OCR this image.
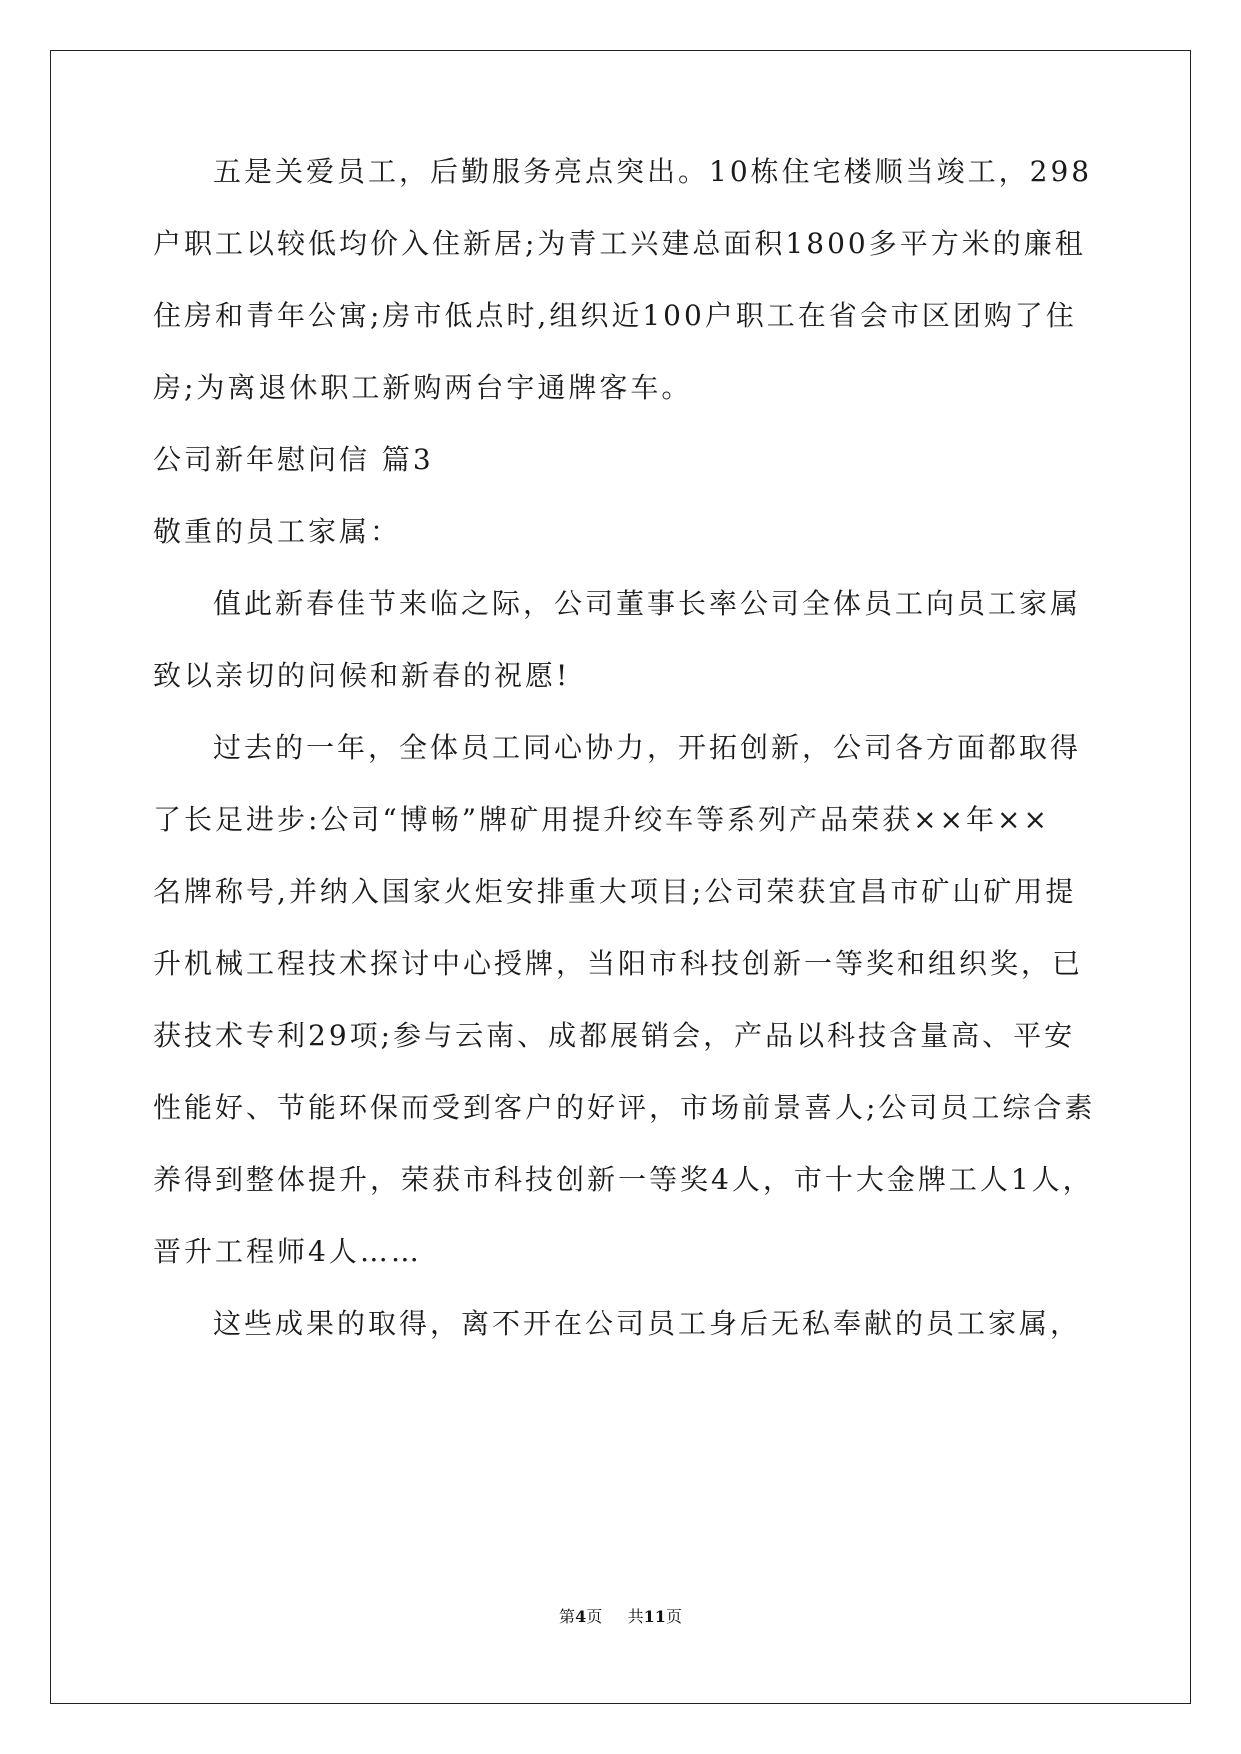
五是关爱员工，后勤服务亮点突出。10栋住宅楼顺当竣工，298
户职工以较低均价入住新居;为青工兴建总面积1800多平方米的廉租
住房和青年公寓;房市低点时,组织近100户职工在省会市区团购了住
房;为离退休职工新购两台宇通牌客车。
公司新年慰问信 篇3
敬重的员工家属：
值此新春佳节来临之际，公司董事长率公司全体员工向员工家属
致以亲切的问候和新春的祝愿!
过去的一年，全体员工同心协力，开拓创新，公司各方面都取得
了长足进步:公司“博畅”牌矿用提升绞车等系列产品荣获××年××
名牌称号,并纳入国家火炬安排重大项目;公司荣获宜昌市矿山矿用提
升机械工程技术探讨中心授牌，当阳市科技创新一等奖和组织奖，已
获技术专利29项;参与云南、成都展销会，产品以科技含量高、平安
性能好、节能环保而受到客户的好评，市场前景喜人;公司员工综合素
养得到整体提升，荣获市科技创新一等奖4人，市十大金牌工人1人，
晋升工程师4人……
这些成果的取得，离不开在公司员工身后无私奉献的员工家属，
第4页 共11页
